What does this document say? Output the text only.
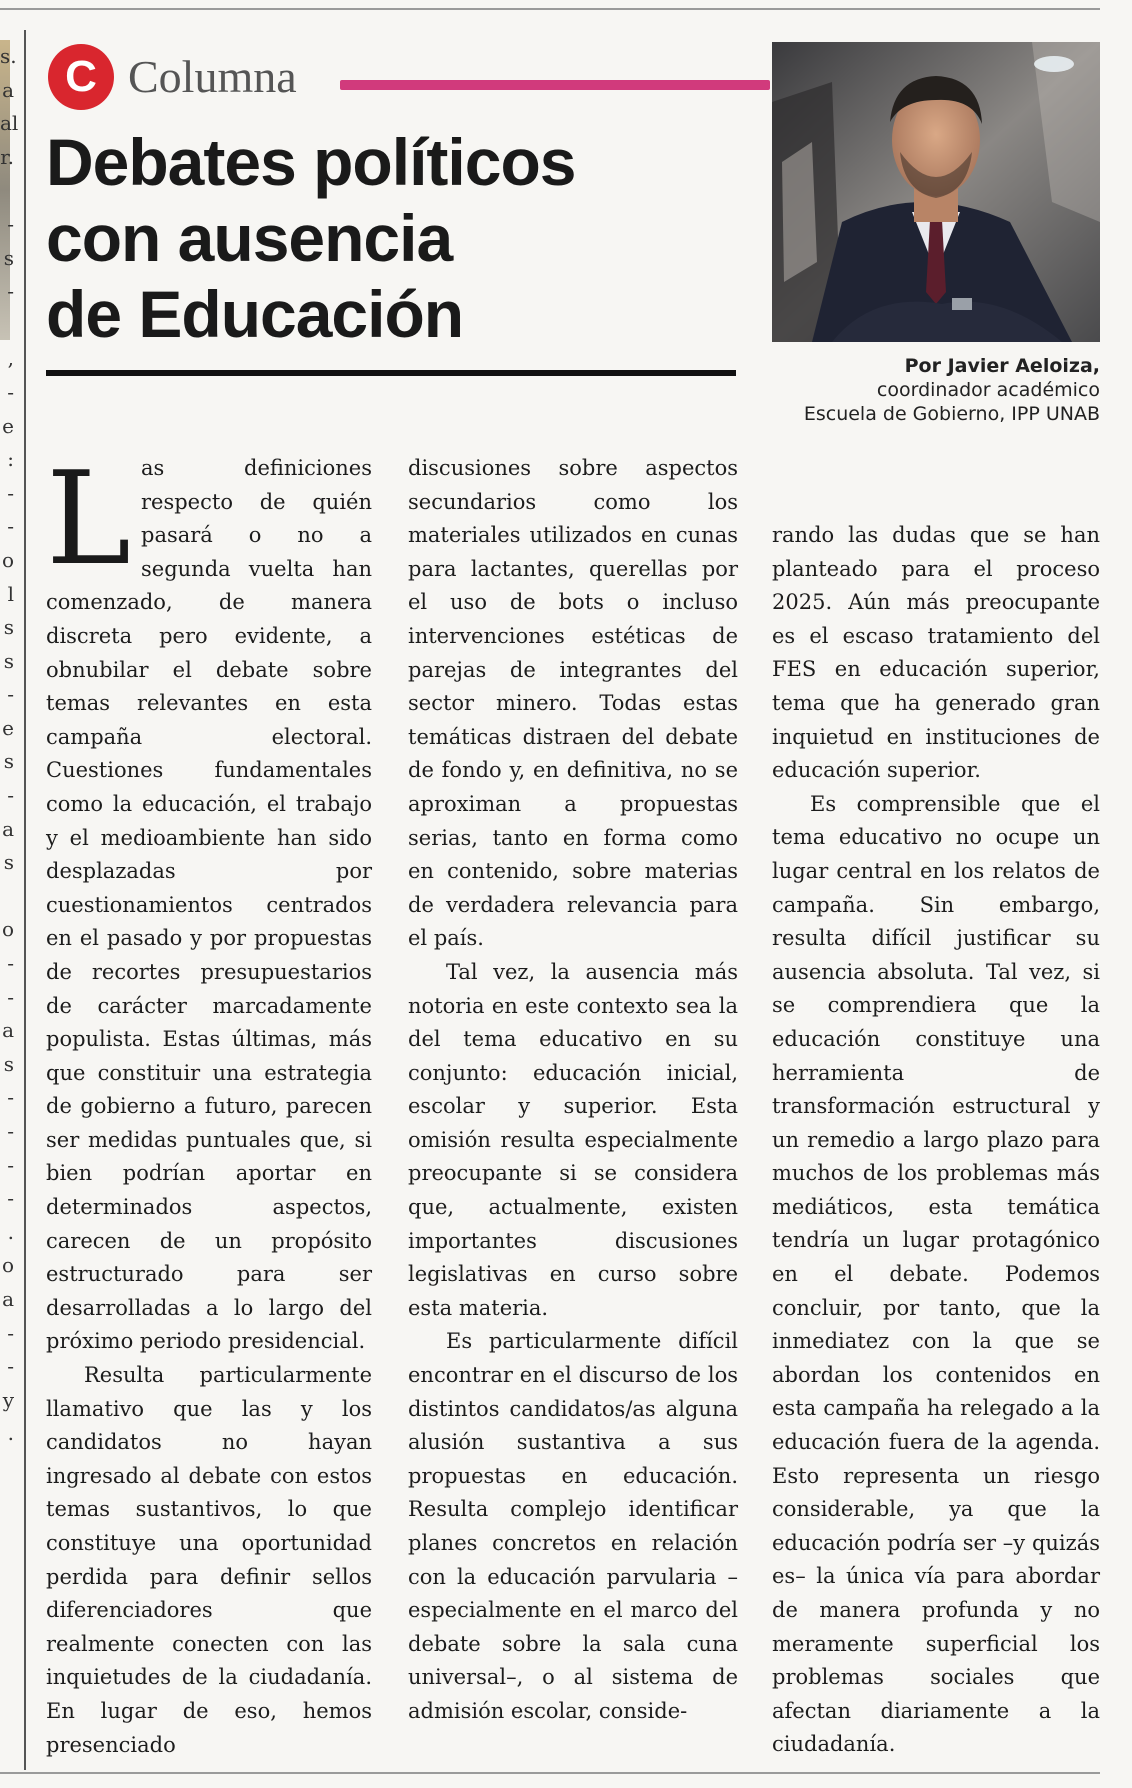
s.
a
al
r.
-
s
-
,
-
e
:
-
-
o
l
s
s
-
e
s
-
a
s
o
-
-
a
s
-
-
-
-
.
o
a
-
-
y
.
C Columna
Debates políticos
con ausencia
de Educación
Por Javier Aeloiza,
coordinador académico
Escuela de Gobierno, IPP UNAB

Las definiciones respecto de quién pasará o no a segunda vuelta han comenzado, de manera discreta pero evidente, a obnubilar el debate sobre temas relevantes en esta campaña electoral. Cuestiones fundamentales como la educación, el trabajo y el medioambiente han sido desplazadas por cuestionamientos centrados en el pasado y por propuestas de recortes presupuestarios de carácter marcadamente populista. Estas últimas, más que constituir una estrategia de gobierno a futuro, parecen ser medidas puntuales que, si bien podrían aportar en determinados aspectos, carecen de un propósito estructurado para ser desarrolladas a lo largo del próximo periodo presidencial.

Resulta particularmente llamativo que las y los candidatos no hayan ingresado al debate con estos temas sustantivos, lo que constituye una oportunidad perdida para definir sellos diferenciadores que realmente conecten con las inquietudes de la ciudadanía. En lugar de eso, hemos presenciado

discusiones sobre aspectos secundarios como los materiales utilizados en cunas para lactantes, querellas por el uso de bots o incluso intervenciones estéticas de parejas de integrantes del sector minero. Todas estas temáticas distraen del debate de fondo y, en definitiva, no se aproximan a propuestas serias, tanto en forma como en contenido, sobre materias de verdadera relevancia para el país.

Tal vez, la ausencia más notoria en este contexto sea la del tema educativo en su conjunto: educación inicial, escolar y superior. Esta omisión resulta especialmente preocupante si se considera que, actualmente, existen importantes discusiones legislativas en curso sobre esta materia.

Es particularmente difícil encontrar en el discurso de los distintos candidatos/as alguna alusión sustantiva a sus propuestas en educación. Resulta complejo identificar planes concretos en relación con la educación parvularia –especialmente en el marco del debate sobre la sala cuna universal–, o al sistema de admisión escolar, conside-

rando las dudas que se han planteado para el proceso 2025. Aún más preocupante es el escaso tratamiento del FES en educación superior, tema que ha generado gran inquietud en instituciones de educación superior.

Es comprensible que el tema educativo no ocupe un lugar central en los relatos de campaña. Sin embargo, resulta difícil justificar su ausencia absoluta. Tal vez, si se comprendiera que la educación constituye una herramienta de transformación estructural y un remedio a largo plazo para muchos de los problemas más mediáticos, esta temática tendría un lugar protagónico en el debate. Podemos concluir, por tanto, que la inmediatez con la que se abordan los contenidos en esta campaña ha relegado a la educación fuera de la agenda. Esto representa un riesgo considerable, ya que la educación podría ser –y quizás es– la única vía para abordar de manera profunda y no meramente superficial los problemas sociales que afectan diariamente a la ciudadanía.
